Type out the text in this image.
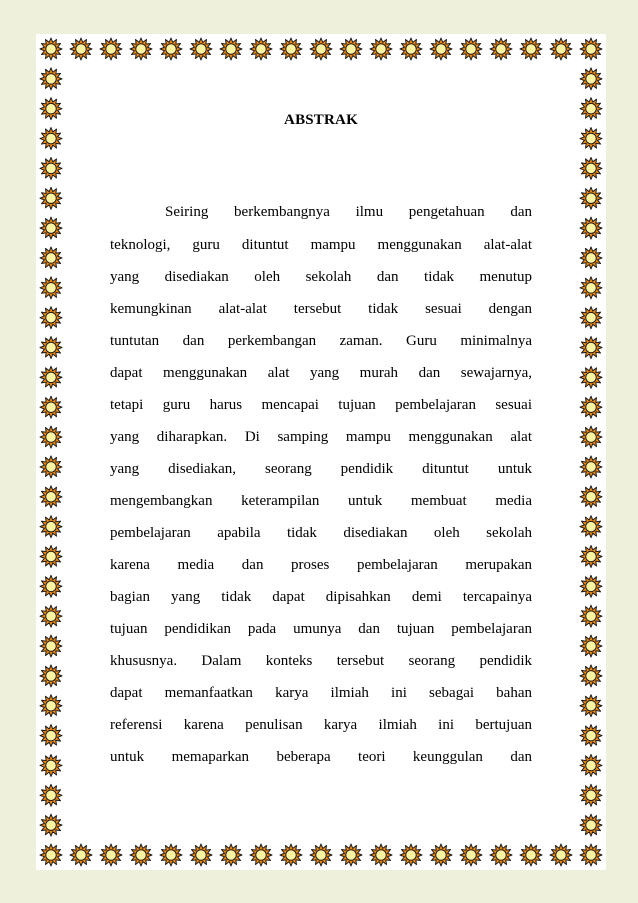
ABSTRAK
Seiring berkembangnya ilmu pengetahuan dan
teknologi, guru dituntut mampu menggunakan alat-alat
yang disediakan oleh sekolah dan tidak menutup
kemungkinan alat-alat tersebut tidak sesuai dengan
tuntutan dan perkembangan zaman. Guru minimalnya
dapat menggunakan alat yang murah dan sewajarnya,
tetapi guru harus mencapai tujuan pembelajaran sesuai
yang diharapkan. Di samping mampu menggunakan alat
yang disediakan, seorang pendidik dituntut untuk
mengembangkan keterampilan untuk membuat media
pembelajaran apabila tidak disediakan oleh sekolah
karena media dan proses pembelajaran merupakan
bagian yang tidak dapat dipisahkan demi tercapainya
tujuan pendidikan pada umunya dan tujuan pembelajaran
khususnya. Dalam konteks tersebut seorang pendidik
dapat memanfaatkan karya ilmiah ini sebagai bahan
referensi karena penulisan karya ilmiah ini bertujuan
untuk memaparkan beberapa teori keunggulan dan
